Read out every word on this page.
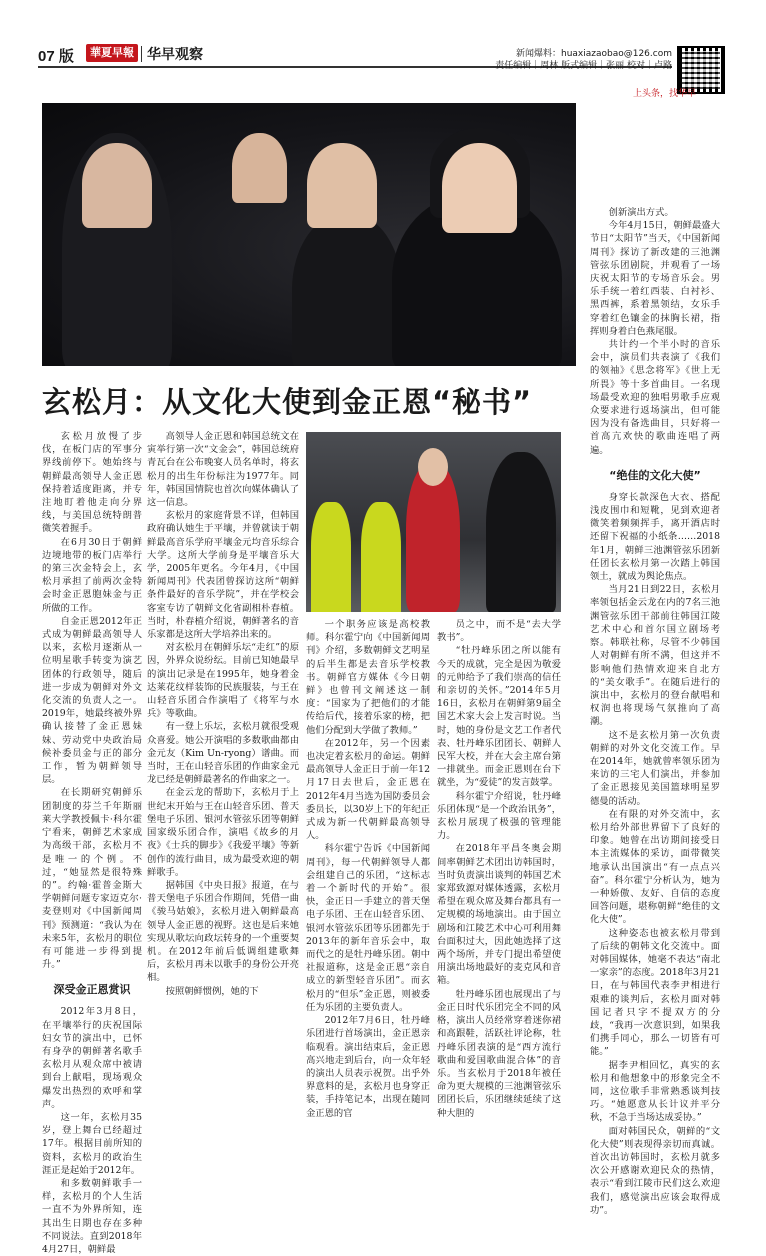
07 版	華夏早報 华早观察	新闻爆料：huaxiazaobao@126.com
责任编辑｜周林 版式编辑｜张丽 校对｜卢路
上头条，找华早
玄松月：从文化大使到金正恩“秘书”

玄松月放慢了步伐，在板门店的军事分界线前停下。她始终与朝鲜最高领导人金正恩保持着适度距离，并专注地盯着他走向分界线，与美国总统特朗普微笑着握手。

在6月30日于朝鲜边境地带的板门店举行的第三次金特会上，玄松月承担了前两次金特会时金正恩胞妹金与正所做的工作。

自金正恩2012年正式成为朝鲜最高领导人以来，玄松月逐渐从一位明星歌手转变为演艺团体的行政领导，随后进一步成为朝鲜对外文化交流的负责人之一。2019年，她最终被外界确认接替了金正恩妹妹、劳动党中央政治局候补委员金与正的部分工作，暂为朝鲜领导层。

在长期研究朝鲜乐团制度的芬兰千年斯丽莱大学教授佩卡·科尔霍宁看来，朝鲜艺术家成为高级干部，玄松月不是唯一的个例。不过，“她显然是很特殊的”。约翰·霍普金斯大学朝鲜问题专家迈克尔·麦登则对《中国新闻周刊》预测道：“我认为在未来5年，玄松月的职位有可能进一步得到提升。”

深受金正恩赏识

2012年3月8日，在平壤举行的庆祝国际妇女节的演出中，已怀有身孕的朝鲜著名歌手玄松月从观众席中被请到台上献唱，现场观众爆发出热烈的欢呼和掌声。

这一年，玄松月35岁，登上舞台已经超过17年。根据目前所知的资料，玄松月的政治生涯正是起始于2012年。

和多数朝鲜歌手一样，玄松月的个人生活一直不为外界所知，连其出生日期也存在多种不同说法。直到2018年4月27日，朝鲜最

高领导人金正恩和韩国总统文在寅举行第一次“文金会”，韩国总统府青瓦台在公布晚宴人员名单时，将玄松月的出生年份标注为1977年。同年，韩国国情院也首次向媒体确认了这一信息。

玄松月的家庭背景不详，但韩国政府确认她生于平壤，并曾就读于朝鲜最高音乐学府平壤金元均音乐综合大学。这所大学前身是平壤音乐大学，2005年更名。今年4月，《中国新闻周刊》代表团曾探访这所“朝鲜条件最好的音乐学院”，并在学校会客室专访了朝鲜文化省副相朴春植。当时，朴春植介绍说，朝鲜著名的音乐家都是这所大学培养出来的。

对玄松月在朝鲜乐坛“走红”的原因，外界众说纷纭。目前已知她最早的演出记录是在1995年，她身着金达莱花纹样装饰的民族服装，与王在山轻音乐团合作演唱了《将军与水兵》等歌曲。

有一登上乐坛，玄松月就很受观众喜爱。她公开演唱的多数歌曲都由金元友（Kim Un-ryong）谱曲。而当时，王在山轻音乐团的作曲家金元龙已经是朝鲜最著名的作曲家之一。

在金云龙的帮助下，玄松月于上世纪末开始与王在山轻音乐团、普天堡电子乐团、银河水管弦乐团等朝鲜国家级乐团合作，演唱《故乡的月夜》《士兵的脚步》《我爱平壤》等新创作的流行曲目，成为最受欢迎的朝鲜歌手。

据韩国《中央日报》报道，在与普天堡电子乐团合作期间，凭借一曲《骏马姑娘》，玄松月进入朝鲜最高领导人金正恩的视野。这也是后来她实现从歌坛向政坛转身的一个重要契机。在2012年前后低调组建歌舞后，玄松月再未以歌手的身份公开亮相。

按照朝鲜惯例，她的下

一个职务应该是高校教师。科尔霍宁向《中国新闻周刊》介绍，多数朝鲜文艺明星的后半生都是去音乐学校教书。朝鲜官方媒体《今日朝鲜》也曾刊文阐述这一制度：“国家为了把他们的才能传给后代，接着乐家的榜，把他们分配到大学做了教师。”

在2012年，另一个因素也决定着玄松月的命运。朝鲜最高领导人金正日于前一年12月17日去世后，金正恩在2012年4月当选为国防委员会委员长，以30岁上下的年纪正式成为新一代朝鲜最高领导人。

科尔霍宁告诉《中国新闻周刊》，每一代朝鲜领导人都会组建自己的乐团，“这标志着一个新时代的开始”。很快，金正日一手建立的普天堡电子乐团、王在山轻音乐团、银河水管弦乐团等乐团都先于2013年的新年音乐会中，取而代之的是牡丹峰乐团。朝中社报道称，这是金正恩“亲自成立的新型轻音乐团”。而玄松月的“但乐”金正恩，则被委任为乐团的主要负责人。

2012年7月6日，牡丹峰乐团进行首场演出，金正恩亲临观看。演出结束后，金正恩高兴地走到后台，向一众年轻的演出人员表示祝贺。出乎外界意料的是，玄松月也身穿正装，手持笔记本，出现在随同金正恩的官

员之中，而不是“去大学教书”。

“牡丹峰乐团之所以能有今天的成就，完全是因为敬爱的元帅给予了我们崇高的信任和亲切的关怀。”2014年5月16日，玄松月在朝鲜第9届全国艺术家大会上发言时说。当时，她的身份是文艺工作者代表、牡丹峰乐团团长、朝鲜人民军大校，并在大会主席台第一排就坐。而金正恩则在台下就坐，为“爱徒”的发言鼓掌。

科尔霍宁介绍说，牡丹峰乐团体现“是一个政治讯务”，玄松月展现了极强的管理能力。

在2018年平昌冬奥会期间率朝鲜艺术团出访韩国时，当时负责演出谈判的韩国艺术家郑致源对媒体透露，玄松月希望在观众席及舞台都具有一定规模的场地演出。由于国立剧场和江陵艺术中心可利用舞台面积过大，因此她选择了这两个场所，并专门提出希望使用演出场地最好的麦克风和音箱。

牡丹峰乐团也展现出了与金正日时代乐团完全不同的风格，演出人员经常穿着迷你裙和高跟鞋，活跃社评论称，牡丹峰乐团表演的是“西方流行歌曲和爱国歌曲混合体”的音乐。当玄松月于2018年被任命为更大规模的三池渊管弦乐团团长后，乐团继续延续了这种大胆的

创新演出方式。

今年4月15日，朝鲜最盛大节日“太阳节”当天，《中国新闻周刊》探访了新改建的三池渊管弦乐团剧院，并观看了一场庆祝太阳节的专场音乐会。男乐手统一着红西装、白衬衫、黑西裤，系着黑领结，女乐手穿着红色镶金的抹胸长裙，指挥则身着白色燕尾服。

共计约一个半小时的音乐会中，演员们共表演了《我们的领袖》《思念将军》《世上无所畏》等十多首曲目。一名现场最受欢迎的独唱男歌手应观众要求进行返场演出，但可能因为没有备选曲目，只好将一首高亢欢快的歌曲连唱了两遍。

“绝佳的文化大使”

身穿长款深色大衣、搭配浅皮围巾和短靴，见到欢迎者微笑着频频挥手，离开酒店时还留下祝福的小纸条……2018年1月，朝鲜三池渊管弦乐团新任团长玄松月第一次踏上韩国领土，就成为舆论焦点。

当月21日到22日，玄松月率领包括金云龙在内的7名三池渊管弦乐团干部前往韩国江陵艺术中心和首尔国立剧场考察。韩联社称，尽管不少韩国人对朝鲜有所不满，但这并不影响他们热情欢迎来自北方的“美女歌手”。在随后进行的演出中，玄松月的登台献唱和权润也将现场气氛推向了高潮。

这不是玄松月第一次负责朝鲜的对外文化交流工作。早在2014年，她就曾率领乐团为来访的三宅人们演出，并参加了金正恩接见美国篮球明星罗德曼的活动。

在有限的对外交流中，玄松月给外部世界留下了良好的印象。她曾在出访期间接受日本主流媒体的采访，面带微笑地承认出国演出“有一点点兴奋”。科尔霍宁分析认为，她为一种娇傲、友好、自信的态度回答问题，堪称朝鲜“绝佳的文化大使”。

这种姿态也被玄松月带到了后续的朝韩文化交流中。面对韩国媒体，她毫不表达“南北一家亲”的态度。2018年3月21日，在与韩国代表李尹相进行艰难的谈判后，玄松月面对韩国记者只字不提双方的分歧，“我再一次意识到，如果我们携手同心，那么一切皆有可能。”

据李尹相回忆，真实的玄松月和他想象中的形象完全不同，这位歌手非常熟悉谈判技巧。“她愿意从长计议并平分秋，不急于当场达成妥协。”

面对韩国民众，朝鲜的“文化大使”则表现得亲切而真诚。首次出访韩国时，玄松月就多次公开感谢欢迎民众的热情，表示“看到江陵市民们这么欢迎我们，感觉演出应该会取得成功”。
